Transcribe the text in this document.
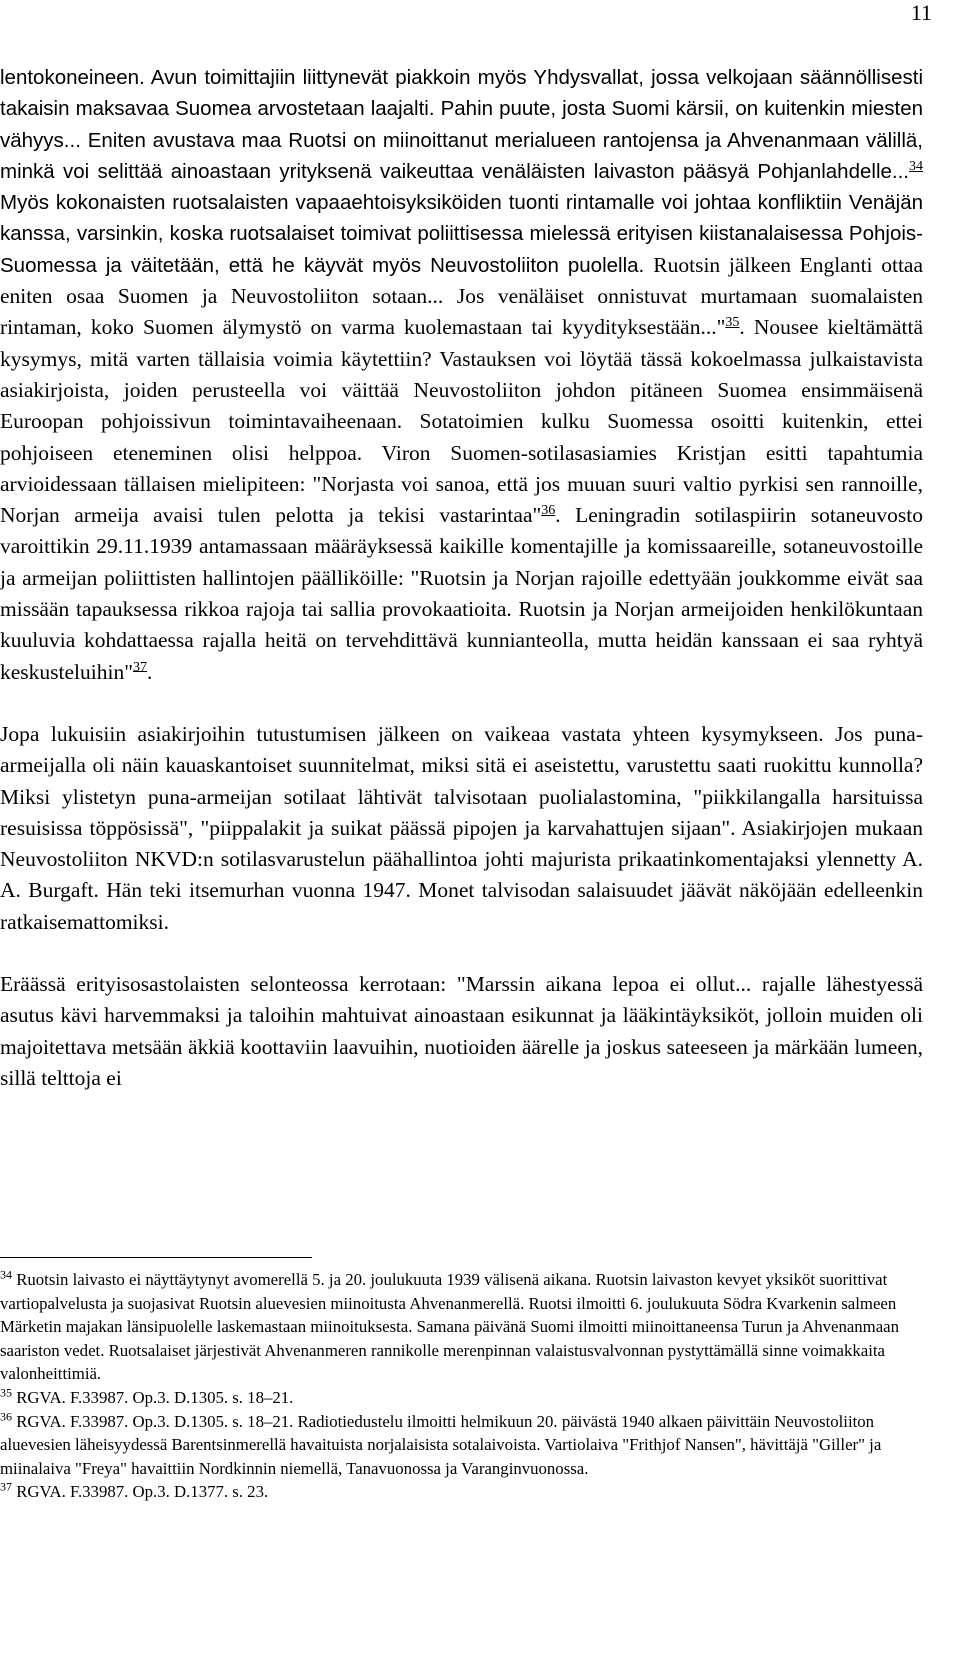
11

lentokoneineen. Avun toimittajiin liittynevät piakkoin myös Yhdysvallat, jossa velkojaan säännöllisesti takaisin maksavaa Suomea arvostetaan laajalti. Pahin puute, josta Suomi kärsii, on kuitenkin miesten vähyys... Eniten avustava maa Ruotsi on miinoittanut merialueen rantojensa ja Ahvenanmaan välillä, minkä voi selittää ainoastaan yrityksenä vaikeuttaa venäläisten laivaston pääsyä Pohjanlahdelle...$^{34}$ Myös kokonaisten ruotsalaisten vapaaehtoisyksiköiden tuonti rintamalle voi johtaa konfliktiin Venäjän kanssa, varsinkin, koska ruotsalaiset toimivat poliittisessa mielessä erityisen kiistanalaisessa Pohjois-Suomessa ja väitetään, että he käyvät myös Neuvostoliiton puolella. Ruotsin jälkeen Englanti ottaa eniten osaa Suomen ja Neuvostoliiton sotaan... Jos venäläiset onnistuvat murtamaan suomalaisten rintaman, koko Suomen älymystö on varma kuolemastaan tai kyydityksestään..."$^{35}$. Nousee kieltämättä kysymys, mitä varten tällaisia voimia käytettiin? Vastauksen voi löytää tässä kokoelmassa julkaistavista asiakirjoista, joiden perusteella voi väittää Neuvostoliiton johdon pitäneen Suomea ensimmäisenä Euroopan pohjoissivun toimintavaiheenaan. Sotatoimien kulku Suomessa osoitti kuitenkin, ettei pohjoiseen eteneminen olisi helppoa. Viron Suomen-sotilasasiamies Kristjan esitti tapahtumia arvioidessaan tällaisen mielipiteen: "Norjasta voi sanoa, että jos muuan suuri valtio pyrkisi sen rannoille, Norjan armeija avaisi tulen pelotta ja tekisi vastarintaa"$^{36}$. Leningradin sotilaspiirin sotaneuvosto varoittikin 29.11.1939 antamassaan määräyksessä kaikille komentajille ja komissaareille, sotaneuvostoille ja armeijan poliittisten hallintojen päälliköille: "Ruotsin ja Norjan rajoille edettyään joukkomme eivät saa missään tapauksessa rikkoa rajoja tai sallia provokaatioita. Ruotsin ja Norjan armeijoiden henkilökuntaan kuuluvia kohdattaessa rajalla heitä on tervehdittävä kunnianteolla, mutta heidän kanssaan ei saa ryhtyä keskusteluihin"$^{37}$.

Jopa lukuisiin asiakirjoihin tutustumisen jälkeen on vaikeaa vastata yhteen kysymykseen. Jos puna-armeijalla oli näin kauaskantoiset suunnitelmat, miksi sitä ei aseistettu, varustettu saati ruokittu kunnolla? Miksi ylistetyn puna-armeijan sotilaat lähtivät talvisotaan puolialastomina, "piikkilangalla harsituissa resuisissa töppösissä", "piippalakit ja suikat päässä pipojen ja karvahattujen sijaan". Asiakirjojen mukaan Neuvostoliiton NKVD:n sotilasvarustelun päähallintoa johti majurista prikaatinkomentajaksi ylennetty A. A. Burgaft. Hän teki itsemurhan vuonna 1947. Monet talvisodan salaisuudet jäävät näköjään edelleenkin ratkaisemattomiksi.

Eräässä erityisosastolaisten selonteossa kerrotaan: "Marssin aikana lepoa ei ollut... rajalle lähestyessä asutus kävi harvemmaksi ja taloihin mahtuivat ainoastaan esikunnat ja lääkintäyksiköt, jolloin muiden oli majoitettava metsään äkkiä koottaviin laavuihin, nuotioiden äärelle ja joskus sateeseen ja märkään lumeen, sillä telttoja ei

$^{34}$ Ruotsin laivasto ei näyttäytynyt avomerellä 5. ja 20. joulukuuta 1939 välisenä aikana. Ruotsin laivaston kevyet yksiköt suorittivat vartiopalvelusta ja suojasivat Ruotsin aluevesien miinoitusta Ahvenanmerellä. Ruotsi ilmoitti 6. joulukuuta Södra Kvarkenin salmeen Märketin majakan länsipuolelle laskemastaan miinoituksesta. Samana päivänä Suomi ilmoitti miinoittaneensa Turun ja Ahvenanmaan saariston vedet. Ruotsalaiset järjestivät Ahvenanmeren rannikolle merenpinnan valaistusvalvonnan pystyttämällä sinne voimakkaita valonheittimiä.

$^{35}$ RGVA. F.33987. Op.3. D.1305. s. 18–21.

$^{36}$ RGVA. F.33987. Op.3. D.1305. s. 18–21. Radiotiedustelu ilmoitti helmikuun 20. päivästä 1940 alkaen päivittäin Neuvostoliiton aluevesien läheisyydessä Barentsinmerellä havaituista norjalaisista sotalaivoista. Vartiolaiva "Frithjof Nansen", hävittäjä "Giller" ja miinalaiva "Freya" havaittiin Nordkinnin niemellä, Tanavuonossa ja Varanginvuonossa.

$^{37}$ RGVA. F.33987. Op.3. D.1377. s. 23.
